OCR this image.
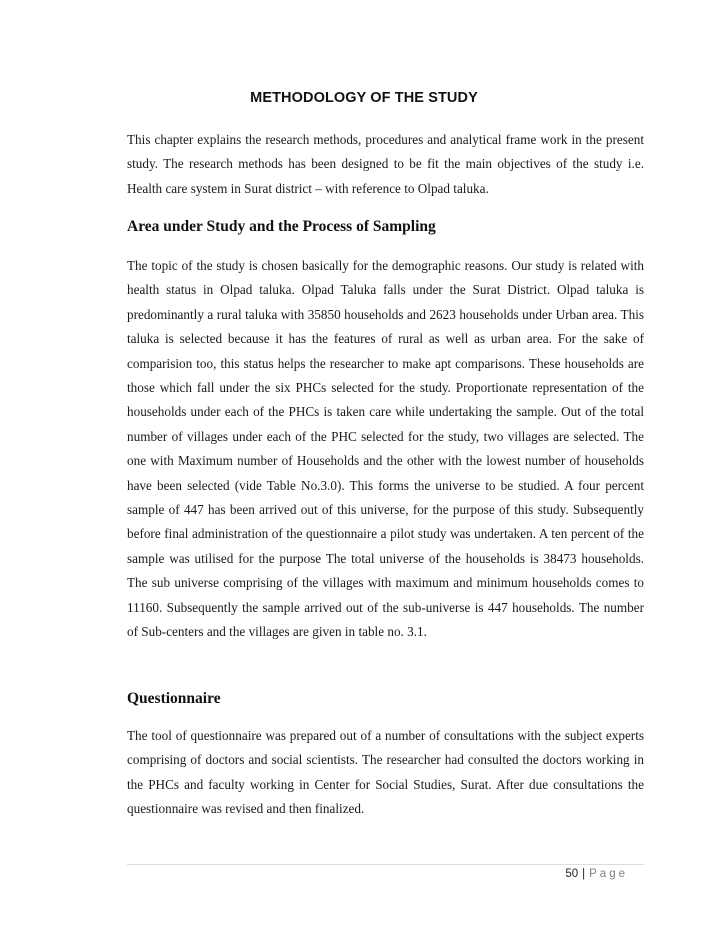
METHODOLOGY OF THE STUDY

This chapter explains the research methods, procedures and analytical frame work in the present study. The research methods has been designed to be fit the main objectives of the study i.e. Health care system in Surat district – with reference to Olpad taluka.

Area under Study and the Process of Sampling

The topic of the study is chosen basically for the demographic reasons. Our study is related with health status in Olpad taluka. Olpad Taluka falls under the Surat District. Olpad taluka is predominantly a rural taluka with 35850 households and 2623 households under Urban area. This taluka is selected because it has the features of rural as well as urban area. For the sake of comparision too, this status helps the researcher to make apt comparisons. These households are those which fall under the six PHCs selected for the study. Proportionate representation of the households under each of the PHCs is taken care while undertaking the sample. Out of the total number of villages under each of the PHC selected for the study, two villages are selected. The one with Maximum number of Households and the other with the lowest number of households have been selected (vide Table No.3.0). This forms the universe to be studied. A four percent sample of 447 has been arrived out of this universe, for the purpose of this study. Subsequently before final administration of the questionnaire a pilot study was undertaken. A ten percent of the sample was utilised for the purpose The total universe of the households is 38473 households. The sub universe comprising of the villages with maximum and minimum households comes to 11160. Subsequently the sample arrived out of the sub-universe is 447 households. The number of Sub-centers and the villages are given in table no. 3.1.

Questionnaire

The tool of questionnaire was prepared out of a number of consultations with the subject experts comprising of doctors and social scientists. The researcher had consulted the doctors working in the PHCs and faculty working in Center for Social Studies, Surat. After due consultations the questionnaire was revised and then finalized.

50 | Page
